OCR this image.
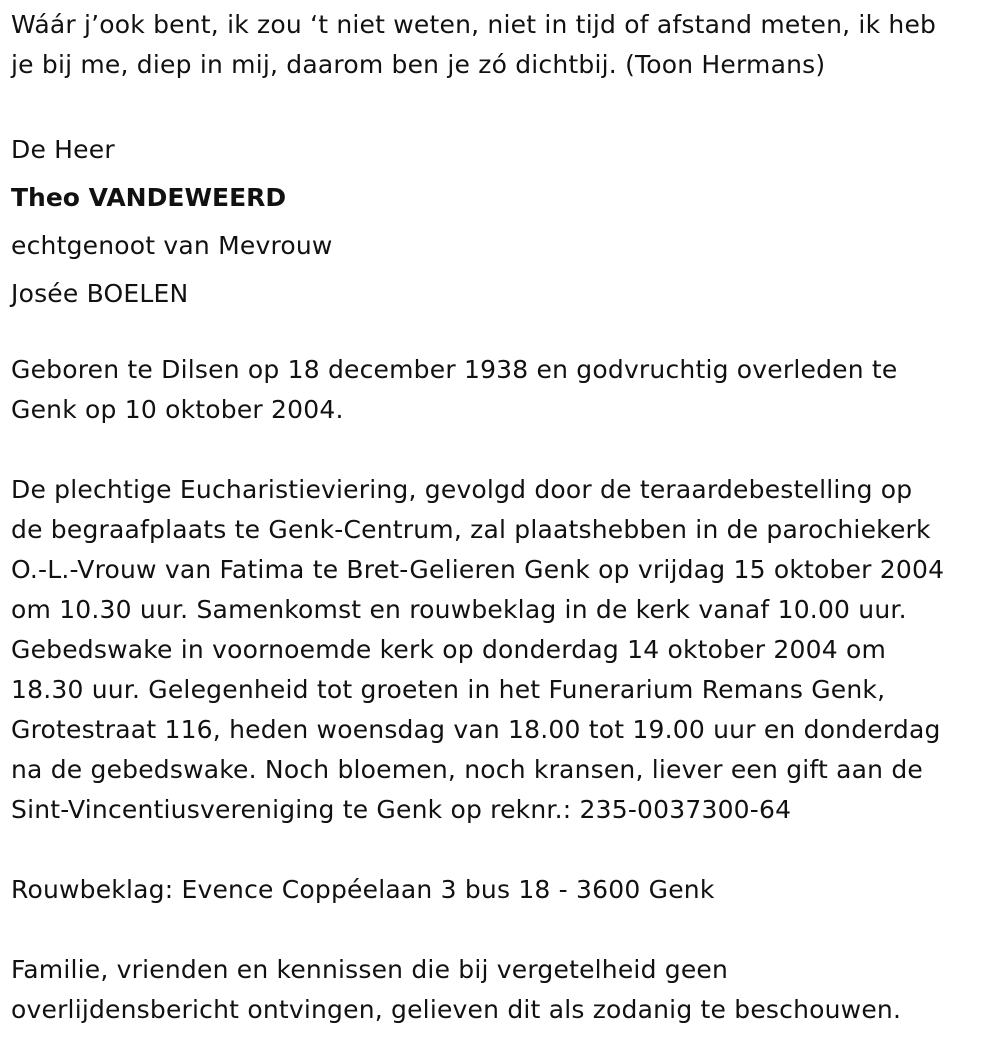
Wáár j’ook bent, ik zou ‘t niet weten, niet in tijd of afstand meten, ik heb
je bij me, diep in mij, daarom ben je zó dichtbij. (Toon Hermans)

De Heer
Theo VANDEWEERD
echtgenoot van Mevrouw
Josée BOELEN

Geboren te Dilsen op 18 december 1938 en godvruchtig overleden te
Genk op 10 oktober 2004.

De plechtige Eucharistieviering, gevolgd door de teraardebestelling op
de begraafplaats te Genk-Centrum, zal plaatshebben in de parochiekerk
O.-L.-Vrouw van Fatima te Bret-Gelieren Genk op vrijdag 15 oktober 2004
om 10.30 uur. Samenkomst en rouwbeklag in de kerk vanaf 10.00 uur.
Gebedswake in voornoemde kerk op donderdag 14 oktober 2004 om
18.30 uur. Gelegenheid tot groeten in het Funerarium Remans Genk,
Grotestraat 116, heden woensdag van 18.00 tot 19.00 uur en donderdag
na de gebedswake. Noch bloemen, noch kransen, liever een gift aan de
Sint-Vincentiusvereniging te Genk op reknr.: 235-0037300-64

Rouwbeklag: Evence Coppéelaan 3 bus 18 - 3600 Genk

Familie, vrienden en kennissen die bij vergetelheid geen
overlijdensbericht ontvingen, gelieven dit als zodanig te beschouwen.
